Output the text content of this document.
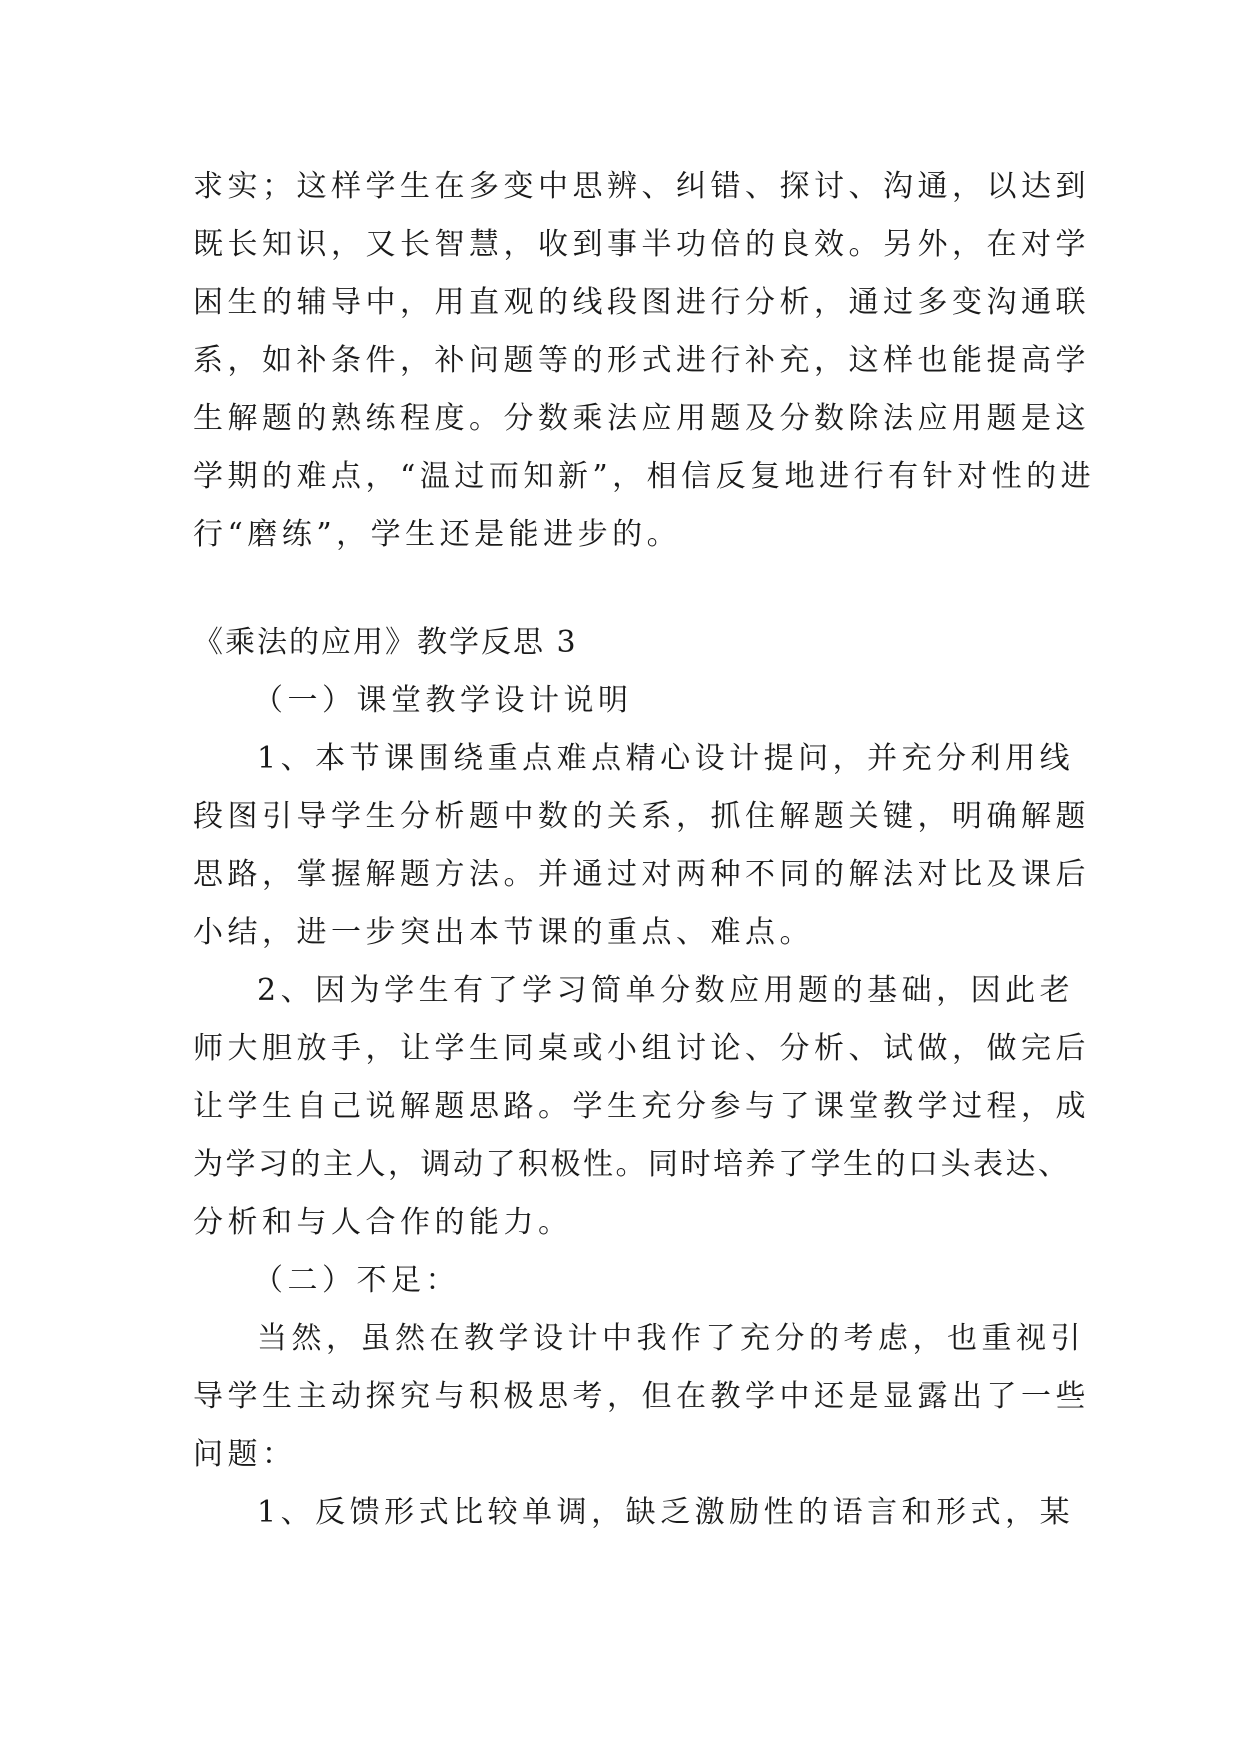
求实；这样学生在多变中思辨、纠错、探讨、沟通，以达到
既长知识，又长智慧，收到事半功倍的良效。另外，在对学
困生的辅导中，用直观的线段图进行分析，通过多变沟通联
系，如补条件，补问题等的形式进行补充，这样也能提高学
生解题的熟练程度。分数乘法应用题及分数除法应用题是这
学期的难点，“温过而知新”，相信反复地进行有针对性的进
行“磨练”，学生还是能进步的。
《乘法的应用》教学反思 3
（一）课堂教学设计说明
1、本节课围绕重点难点精心设计提问，并充分利用线
段图引导学生分析题中数的关系，抓住解题关键，明确解题
思路，掌握解题方法。并通过对两种不同的解法对比及课后
小结，进一步突出本节课的重点、难点。
2、因为学生有了学习简单分数应用题的基础，因此老
师大胆放手，让学生同桌或小组讨论、分析、试做，做完后
让学生自己说解题思路。学生充分参与了课堂教学过程，成
为学习的主人，调动了积极性。同时培养了学生的口头表达、
分析和与人合作的能力。
（二）不足：
当然，虽然在教学设计中我作了充分的考虑，也重视引
导学生主动探究与积极思考，但在教学中还是显露出了一些
问题：
1、反馈形式比较单调，缺乏激励性的语言和形式，某
